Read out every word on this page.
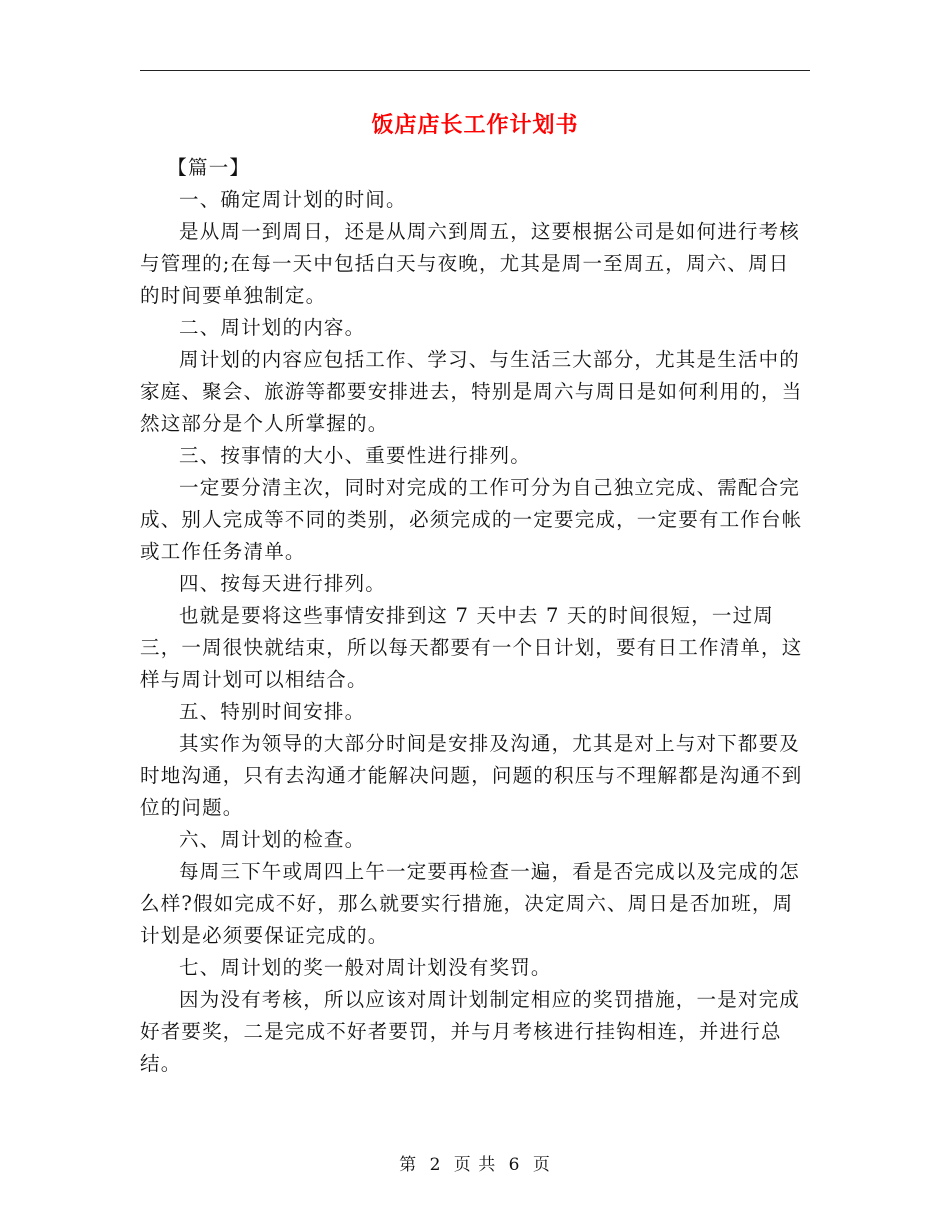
饭店店长工作计划书

【篇一】

一、确定周计划的时间。

是从周一到周日，还是从周六到周五，这要根据公司是如何进行考核与管理的;在每一天中包括白天与夜晚，尤其是周一至周五，周六、周日的时间要单独制定。

二、周计划的内容。

周计划的内容应包括工作、学习、与生活三大部分，尤其是生活中的家庭、聚会、旅游等都要安排进去，特别是周六与周日是如何利用的，当然这部分是个人所掌握的。

三、按事情的大小、重要性进行排列。

一定要分清主次，同时对完成的工作可分为自己独立完成、需配合完成、别人完成等不同的类别，必须完成的一定要完成，一定要有工作台帐或工作任务清单。

四、按每天进行排列。

也就是要将这些事情安排到这 7 天中去 7 天的时间很短，一过周三，一周很快就结束，所以每天都要有一个日计划，要有日工作清单，这样与周计划可以相结合。

五、特别时间安排。

其实作为领导的大部分时间是安排及沟通，尤其是对上与对下都要及时地沟通，只有去沟通才能解决问题，问题的积压与不理解都是沟通不到位的问题。

六、周计划的检查。

每周三下午或周四上午一定要再检查一遍，看是否完成以及完成的怎么样?假如完成不好，那么就要实行措施，决定周六、周日是否加班，周计划是必须要保证完成的。

七、周计划的奖一般对周计划没有奖罚。

因为没有考核，所以应该对周计划制定相应的奖罚措施，一是对完成好者要奖，二是完成不好者要罚，并与月考核进行挂钩相连，并进行总结。

第 2 页 共 6 页
